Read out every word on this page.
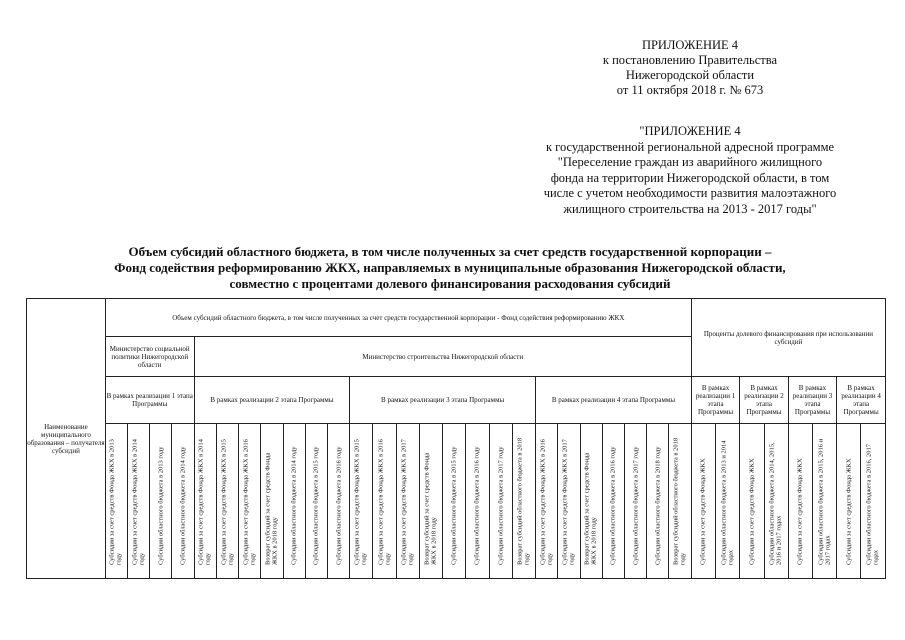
ПРИЛОЖЕНИЕ 4
к постановлению Правительства
Нижегородской области
от 11 октября 2018 г. № 673
"ПРИЛОЖЕНИЕ 4
к государственной региональной адресной программе
"Переселение граждан из аварийного жилищного
фонда на территории Нижегородской области, в том
числе с учетом необходимости развития малоэтажного
жилищного строительства на 2013 - 2017 годы"
Объем субсидий областного бюджета, в том числе полученных за счет средств государственной корпорации –
Фонд содействия реформированию ЖКХ, направляемых в муниципальные образования Нижегородской области,
совместно с процентами долевого финансирования расходования субсидий
Наименование муниципального образования – получателя субсидий	Объем субсидий областного бюджета, в том числе полученных за счет средств государственной корпорации - Фонд содействия реформированию ЖКХ																										Проценты долевого финансирования при использовании субсидий							
	Министерство социальной политики Нижегородской области				Министерство строительства Нижегородской области																													
	В рамках реализации 1 этапа Программы				В рамках реализации 2 этапа Программы							В рамках реализации 3 этапа Программы								В рамках реализации 4 этапа Программы							В рамках реализации 1 этапа Программы		В рамках реализации 2 этапа Программы		В рамках реализации 3 этапа Программы		В рамках реализации 4 этапа Программы	

	Субсидии за счет средств Фонда ЖКХ в 2013 году	Субсидии за счет средств Фонда ЖКХ в 2014 году	Субсидии областного бюджета в 2013 году	Субсидии областного бюджета в 2014 году	Субсидии за счет средств Фонда ЖКХ в 2014 году	Субсидии за счет средств Фонда ЖКХ в 2015 году	Субсидии за счет средств Фонда ЖКХ в 2016 году	Возврат субсидий за счет средств Фонда ЖКХ в 2018 году	Субсидии областного бюджета в 2014 году	Субсидии областного бюджета в 2015 году	Субсидии областного бюджета в 2016 году	Субсидии за счет средств Фонда ЖКХ в 2015 году	Субсидии за счет средств Фонда ЖКХ в 2016 году	Субсидии за счет средств Фонда ЖКХ в 2017 году	Возврат субсидий за счет средств Фонда ЖКХ в 2018 году	Субсидии областного бюджета в 2015 году	Субсидии областного бюджета в 2016 году	Субсидии областного бюджета в 2017 году	Возврат субсидий областного бюджета в 2018 году	Субсидии за счет средств Фонда ЖКХ в 2016 году	Субсидии за счет средств Фонда ЖКХ в 2017 году	Возврат субсидий за счет средств Фонда ЖКХ в 2018 году	Субсидии областного бюджета в 2016 году	Субсидии областного бюджета в 2017 году	Субсидии областного бюджета в 2018 году	Возврат субсидий областного бюджета в 2018 году	Субсидии за счет средств Фонда ЖКХ	Субсидии областного бюджета в 2013 и 2014 годах	Субсидии за счет средств Фонда ЖКХ	Субсидии областного бюджета в 2014, 2015, 2016 и 2017 годах	Субсидии за счет средств Фонда ЖКХ	Субсидии областного бюджета в 2015, 2016 и 2017 годах	Субсидии за счет средств Фонда ЖКХ	Субсидии областного бюджета в 2016, 2017 годах
